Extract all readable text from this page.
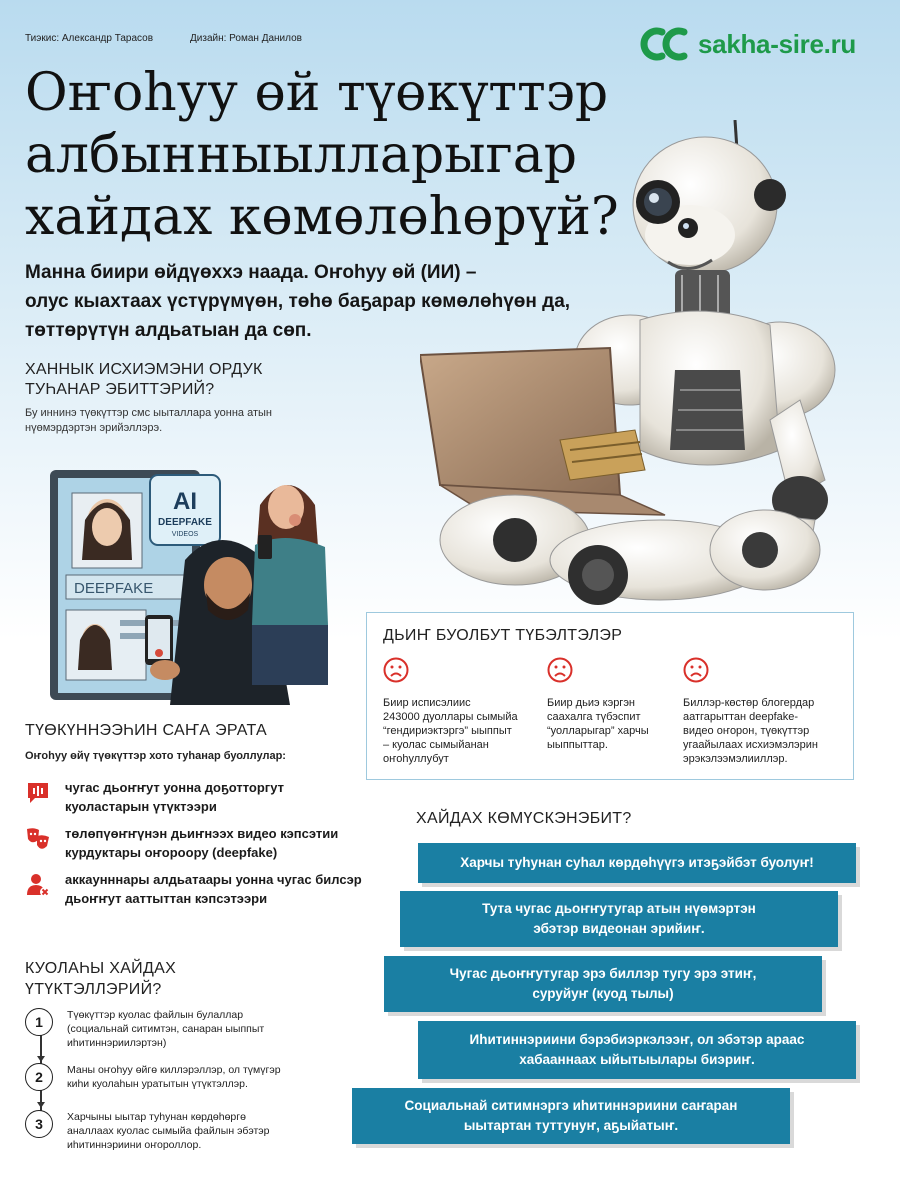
Тиэкис: Александр Тарасов	Дизайн: Роман Данилов	sakha-sire.ru
Оҥоһуу өй түөкүттэр
албынныылларыгар
хайдах көмөлөһөрүй?
Манна биири өйдүөххэ наада. Оҥоһуу өй (ИИ) –
олус кыахтаах үстүрүмүөн, төһө баҕарар көмөлөһүөн да,
төттөрүтүн алдьатыан да сөп.
ХАННЫК ИСХИЭМЭНИ ОРДУК
ТУҺАНАР ЭБИТТЭРИЙ?
Бу иннинэ түөкүттэр смс ыыталлара уонна атын
нүөмэрдэртэн эрийэллэрэ.
DEEPFAKE
AI
DEEPFAKE
VIDEOS
ДЬИҤ БУОЛБУТ ТҮБЭЛТЭЛЭР

Биир исписэлиис
243000 дуоллары сымыйа
“гендириэктэргэ” ыыппыт
– куолас сымыйанан
оҥоһуллубут

Биир дьиэ кэргэн
саахалга түбэспит
“уолларыгар” харчы
ыыппыттар.

Биллэр-көстөр блогердар
аатгарыттан deepfake-
видео оҥорон, түөкүттэр
угаайылаах исхиэмэлэрин
эрэкэлээмэлииллэр.

ТҮӨКҮННЭЭҺИН САҤА ЭРАТА
Оҥоһуу өйү түөкүттэр хото туһанар буоллулар:
чугас дьоҥҥут уонна доҕотторгут
куоластарын үтүктээри
төлөпүөҥҥүнэн дьиҥнээх видео кэпсэтии
курдуктары оҥороору (deepfake)
аккаунннары алдьатаары уонна чугас билсэр
дьоҥҥут ааттыттан кэпсэтээри
КУОЛАҺЫ ХАЙДАХ
ҮТҮКТЭЛЛЭРИЙ?
1	Түөкүттэр куолас файлын булаллар
(социальнай ситимтэн, санаран ыыппыт
иһитиннэриилэртэн)
2	Маны оҥоһуу өйгө киллэрэллэр, ол түмүгэр
киһи куолаһын уратытын үтүктэллэр.
3	Харчыны ыытар туһунан көрдөһөргө
аналлаах куолас сымыйа файлын эбэтэр
иһитиннэриини оҥороллор.
ХАЙДАХ КӨМҮСКЭНЭБИТ?
Харчы туһунан суһал көрдөһүүгэ итэҕэйбэт буолуҥ!
Тута чугас дьоҥҥутугар атын нүөмэртэн
эбэтэр видеонан эрийиҥ.
Чугас дьоҥҥутугар эрэ биллэр тугу эрэ этиҥ,
суруйуҥ (куод тылы)
Иһитиннэриини бэрэбиэркэлээҥ, ол эбэтэр араас
хабааннаах ыйытыылары биэриҥ.
Социальнай ситимнэргэ иһитиннэриини саҥаран
ыытартан туттунуҥ, аҕыйатыҥ.
